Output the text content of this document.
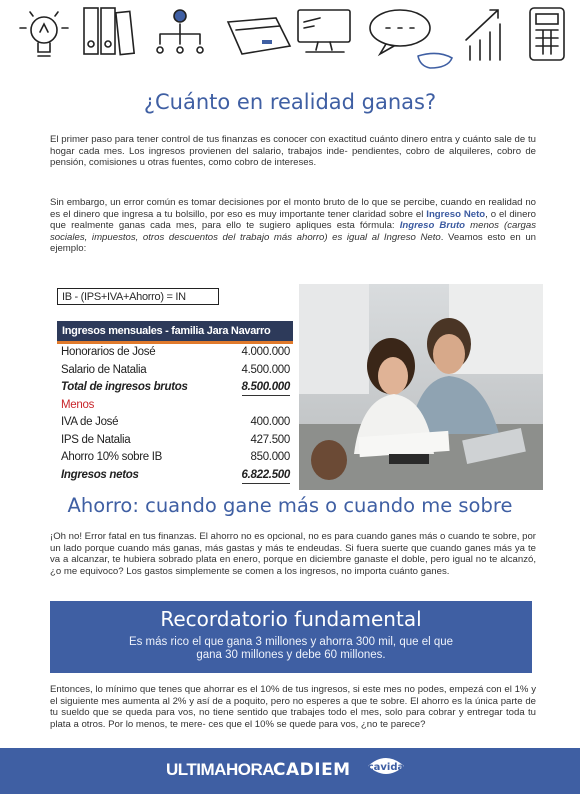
¿Cuánto en realidad ganas?

El primer paso para tener control de tus finanzas es conocer con exactitud cuánto dinero entra y cuánto sale de tu hogar cada mes. Los ingresos provienen del salario, trabajos inde- pendientes, cobro de alquileres, cobro de pensión, comisiones u otras fuentes, como cobro de intereses.

Sin embargo, un error común es tomar decisiones por el monto bruto de lo que se percibe, cuando en realidad no es el dinero que ingresa a tu bolsillo, por eso es muy importante tener claridad sobre el Ingreso Neto, o el dinero que realmente ganas cada mes, para ello te sugiero apliques esta fórmula: Ingreso Bruto menos (cargas sociales, impuestos, otros descuentos del trabajo más ahorro) es igual al Ingreso Neto. Veamos esto en un ejemplo:

IB - (IPS+IVA+Ahorro) = IN
Ingresos mensuales - familia Jara Navarro
Honorarios de José	4.000.000
Salario de Natalia	4.500.000
Total de ingresos brutos	8.500.000
Menos
IVA de José	400.000
IPS de Natalia	427.500
Ahorro 10% sobre IB	850.000
Ingresos netos	6.822.500
Ahorro: cuando gane más o cuando me sobre

¡Oh no! Error fatal en tus finanzas. El ahorro no es opcional, no es para cuando ganes más o cuando te sobre, por un lado porque cuando más ganas, más gastas y más te endeudas. Si fuera suerte que cuando ganes más ya te va a alcanzar, te hubiera sobrado plata en enero, porque en diciembre ganaste el doble, pero igual no te alcanzó, ¿o me equivoco? Los gastos simplemente se comen a los ingresos, no importa cuánto ganes.

Recordatorio fundamental
Es más rico el que gana 3 millones y ahorra 300 mil, que el que gana 30 millones y debe 60 millones.

Entonces, lo mínimo que tenes que ahorrar es el 10% de tus ingresos, si este mes no podes, empezá con el 1% y el siguiente mes aumenta al 2% y así de a poquito, pero no esperes a que te sobre. El ahorro es la única parte de tu sueldo que se queda para vos, no tiene sentido que trabajes todo el mes, solo para cobrar y entregar toda tu plata a otros. Por lo menos, te mere- ces que el 10% se quede para vos, ¿no te parece?

ULTIMAHORA CADIEM cavida
